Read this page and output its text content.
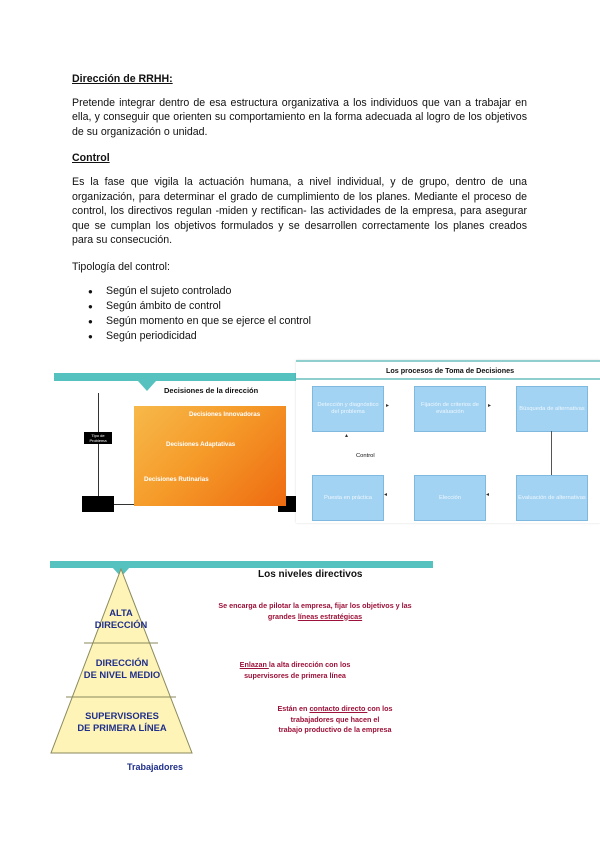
Dirección de RRHH:

Pretende integrar dentro de esa estructura organizativa a los individuos que van a trabajar en ella, y conseguir que orienten su comportamiento en la forma adecuada al logro de los objetivos de su organización o unidad.

Control

Es la fase que vigila la actuación humana, a nivel individual, y de grupo, dentro de una organización, para determinar el grado de cumplimiento de los planes. Mediante el proceso de control, los directivos regulan -miden y rectifican- las actividades de la empresa, para asegurar que se cumplan los objetivos formulados y se desarrollen correctamente los planes creados para su consecución.

Tipología del control:

● Según el sujeto controlado
● Según ámbito de control
● Según momento en que se ejerce el control
● Según periodicidad
Decisiones de la dirección
Tipo de Problema
Decisiones Innovadoras
Decisiones Adaptativas
Decisiones Rutinarias
Los procesos de Toma de Decisiones
Detección y diagnóstico del problema
Fijación de criterios de evaluación
Búsqueda de alternativas
Puesta en práctica	Elección	Evaluación de alternativas
▸	▸
◂
◂
▴
Control
Los niveles directivos
ALTA
DIRECCIÓN
DIRECCIÓN
DE NIVEL MEDIO
SUPERVISORES
DE PRIMERA LÍNEA
Se encarga de pilotar la empresa, fijar los objetivos y las
grandes líneas estratégicas
Enlazan la alta dirección con los
supervisores de primera línea
Están en contacto directo con los
trabajadores que hacen el
trabajo productivo de la empresa
Trabajadores
